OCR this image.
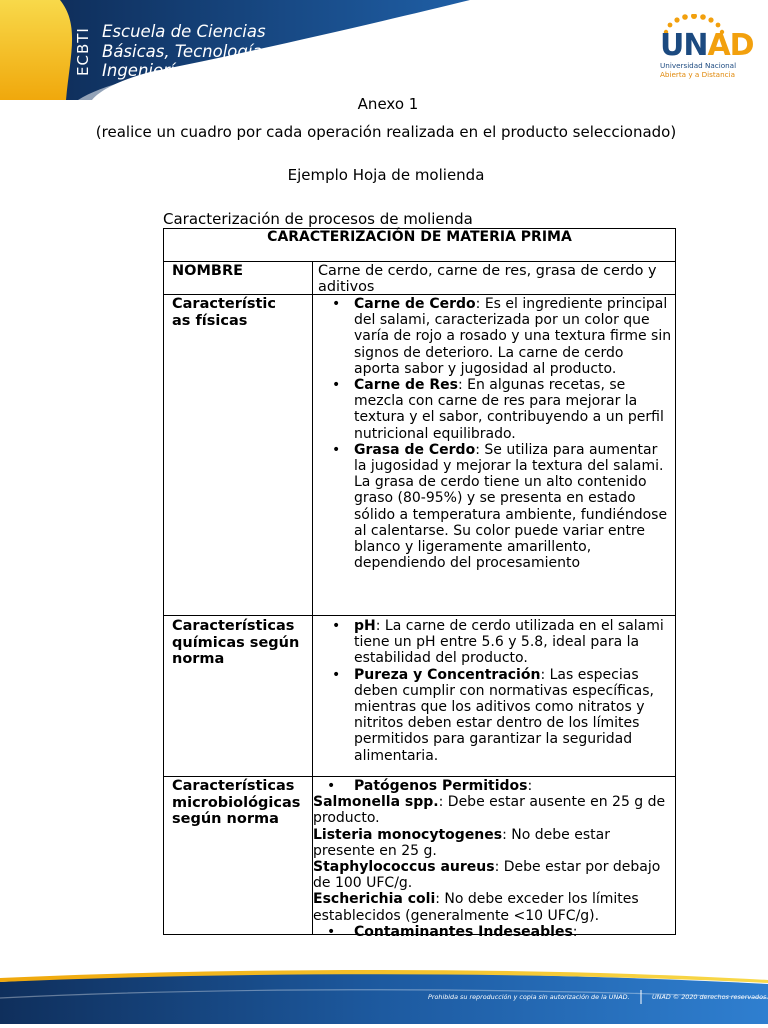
ECBTI Escuela de Ciencias
Básicas, Tecnología e
Ingeniería
UNAD
Universidad Nacional
Abierta y a Distancia
Anexo 1
(realice un cuadro por cada operación realizada en el producto seleccionado)
Ejemplo Hoja de molienda
Caracterización de procesos de molienda
CARACTERIZACIÓN DE MATERIA PRIMA
NOMBRE	Carne de cerdo, carne de res, grasa de cerdo y aditivos
Característic as físicas
• Carne de Cerdo: Es el ingrediente principal del salami, caracterizada por un color que varía de rojo a rosado y una textura firme sin signos de deterioro. La carne de cerdo aporta sabor y jugosidad al producto.
• Carne de Res: En algunas recetas, se mezcla con carne de res para mejorar la textura y el sabor, contribuyendo a un perfil nutricional equilibrado.
• Grasa de Cerdo: Se utiliza para aumentar la jugosidad y mejorar la textura del salami. La grasa de cerdo tiene un alto contenido graso (80-95%) y se presenta en estado sólido a temperatura ambiente, fundiéndose al calentarse. Su color puede variar entre blanco y ligeramente amarillento, dependiendo del procesamiento
Características químicas según norma
• pH: La carne de cerdo utilizada en el salami tiene un pH entre 5.6 y 5.8, ideal para la estabilidad del producto.
• Pureza y Concentración: Las especias deben cumplir con normativas específicas, mientras que los aditivos como nitratos y nitritos deben estar dentro de los límites permitidos para garantizar la seguridad alimentaria.
Características microbiológicas según norma
• Patógenos Permitidos:
Salmonella spp.: Debe estar ausente en 25 g de producto.
Listeria monocytogenes: No debe estar presente en 25 g.
Staphylococcus aureus: Debe estar por debajo de 100 UFC/g.
Escherichia coli: No debe exceder los límites establecidos (generalmente <10 UFC/g).
• Contaminantes Indeseables:
Prohibida su reproducción y copia sin autorización de la UNAD.	UNAD © 2020 derechos reservados.
